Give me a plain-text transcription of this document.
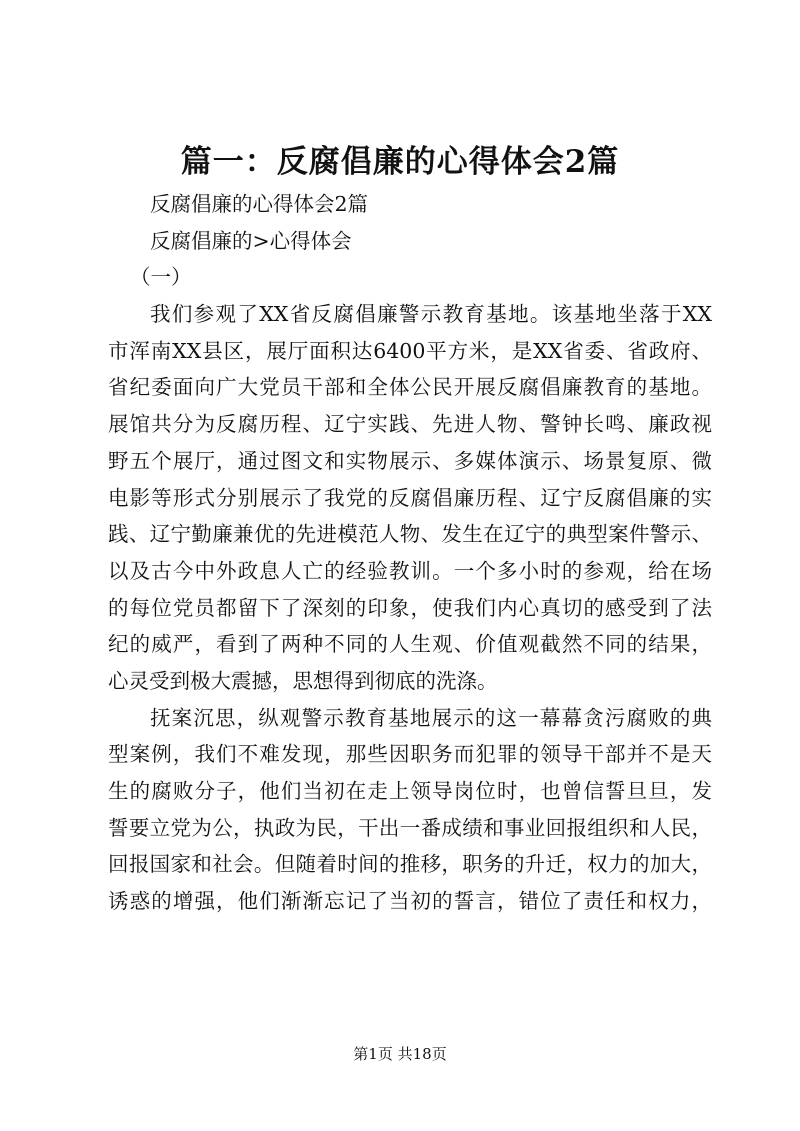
篇一：反腐倡廉的心得体会2篇
反腐倡廉的心得体会2篇
反腐倡廉的>心得体会
（一）
我们参观了XX省反腐倡廉警示教育基地。该基地坐落于XX
市浑南XX县区，展厅面积达6400平方米，是XX省委、省政府、
省纪委面向广大党员干部和全体公民开展反腐倡廉教育的基地。
展馆共分为反腐历程、辽宁实践、先进人物、警钟长鸣、廉政视
野五个展厅，通过图文和实物展示、多媒体演示、场景复原、微
电影等形式分别展示了我党的反腐倡廉历程、辽宁反腐倡廉的实
践、辽宁勤廉兼优的先进模范人物、发生在辽宁的典型案件警示、
以及古今中外政息人亡的经验教训。一个多小时的参观，给在场
的每位党员都留下了深刻的印象，使我们内心真切的感受到了法
纪的威严，看到了两种不同的人生观、价值观截然不同的结果，
心灵受到极大震撼，思想得到彻底的洗涤。
抚案沉思，纵观警示教育基地展示的这一幕幕贪污腐败的典
型案例，我们不难发现，那些因职务而犯罪的领导干部并不是天
生的腐败分子，他们当初在走上领导岗位时，也曾信誓旦旦，发
誓要立党为公，执政为民，干出一番成绩和事业回报组织和人民，
回报国家和社会。但随着时间的推移，职务的升迁，权力的加大，
诱惑的增强，他们渐渐忘记了当初的誓言，错位了责任和权力，
第1页 共18页
